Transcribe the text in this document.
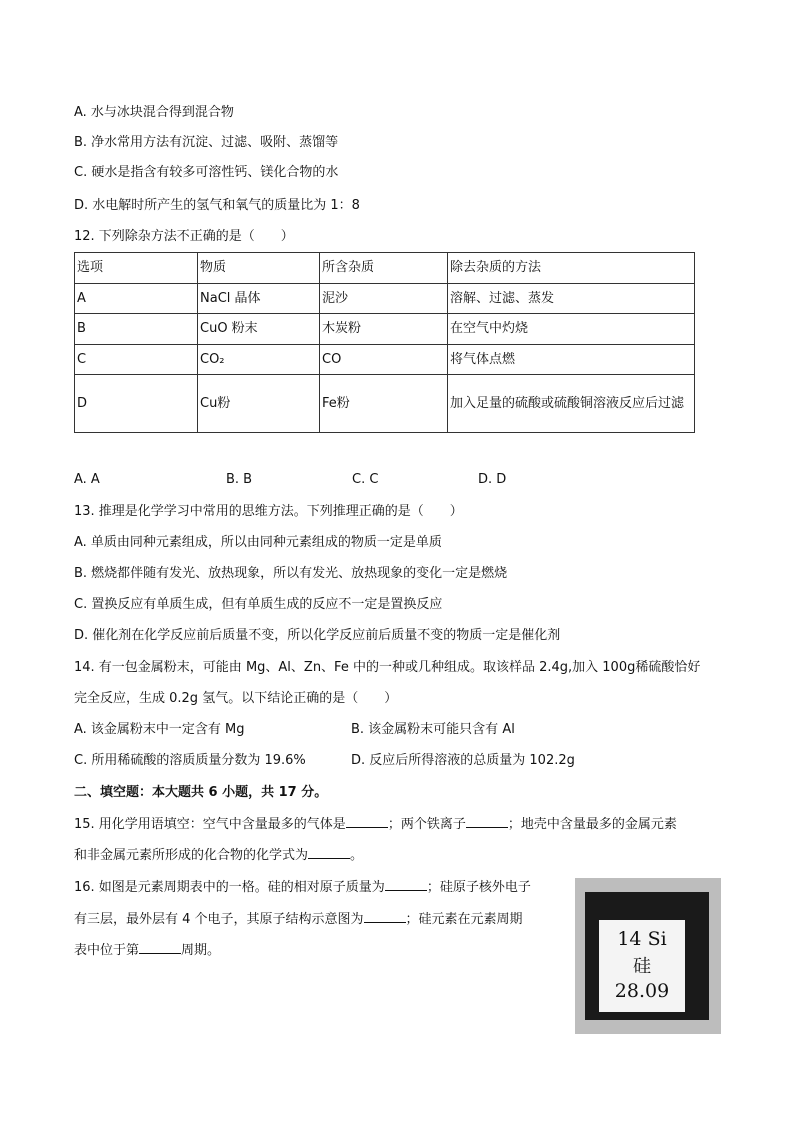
A. 水与冰块混合得到混合物
B. 净水常用方法有沉淀、过滤、吸附、蒸馏等
C. 硬水是指含有较多可溶性钙、镁化合物的水
D. 水电解时所产生的氢气和氧气的质量比为 1：8
12. 下列除杂方法不正确的是（　　）
选项	物质	所含杂质	除去杂质的方法
A	NaCl 晶体	泥沙	溶解、过滤、蒸发
B	CuO 粉末	木炭粉	在空气中灼烧
C	CO₂	CO	将气体点燃
D	Cu粉	Fe粉	加入足量的硫酸或硫酸铜溶液反应后过滤
A. A	B. B	C. C	D. D
13. 推理是化学学习中常用的思维方法。下列推理正确的是（　　）
A. 单质由同种元素组成，所以由同种元素组成的物质一定是单质
B. 燃烧都伴随有发光、放热现象，所以有发光、放热现象的变化一定是燃烧
C. 置换反应有单质生成，但有单质生成的反应不一定是置换反应
D. 催化剂在化学反应前后质量不变，所以化学反应前后质量不变的物质一定是催化剂
14. 有一包金属粉末，可能由 Mg、Al、Zn、Fe 中的一种或几种组成。取该样品 2.4g,加入 100g稀硫酸恰好
完全反应，生成 0.2g 氢气。以下结论正确的是（　　）
A. 该金属粉末中一定含有 Mg	B. 该金属粉末可能只含有 Al
C. 所用稀硫酸的溶质质量分数为 19.6%	D. 反应后所得溶液的总质量为 102.2g
二、填空题：本大题共 6 小题，共 17 分。
15. 用化学用语填空：空气中含量最多的气体是	；两个铁离子	；地壳中含量最多的金属元素
和非金属元素所形成的化合物的化学式为	。
16. 如图是元素周期表中的一格。硅的相对原子质量为	；硅原子核外电子
有三层，最外层有 4 个电子，其原子结构示意图为	；硅元素在元素周期
表中位于第	周期。
14 Si
硅
28.09
